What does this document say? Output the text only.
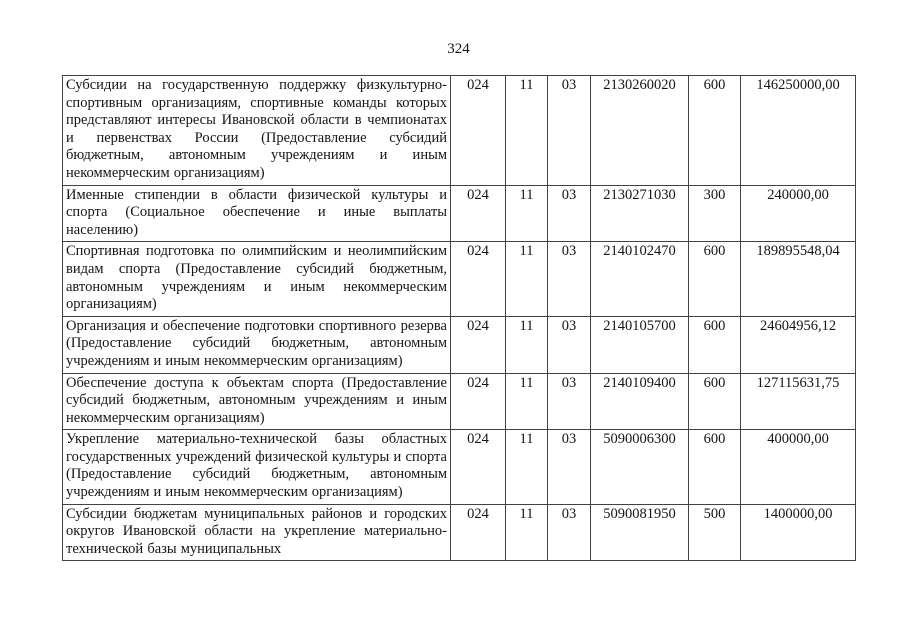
324
Субсидии на государственную поддержку физкультурно-спортивным организациям, спортивные команды которых представляют интересы Ивановской области в чемпионатах и первенствах России (Предоставление субсидий бюджетным, автономным учреждениям и иным некоммерческим организациям)	024	11	03	2130260020	600	146250000,00
Именные стипендии в области физической культуры и спорта (Социальное обеспечение и иные выплаты населению)	024	11	03	2130271030	300	240000,00
Спортивная подготовка по олимпийским и неолимпийским видам спорта (Предоставление субсидий бюджетным, автономным учреждениям и иным некоммерческим организациям)	024	11	03	2140102470	600	189895548,04
Организация и обеспечение подготовки спортивного резерва (Предоставление субсидий бюджетным, автономным учреждениям и иным некоммерческим организациям)	024	11	03	2140105700	600	24604956,12
Обеспечение доступа к объектам спорта (Предоставление субсидий бюджетным, автономным учреждениям и иным некоммерческим организациям)	024	11	03	2140109400	600	127115631,75
Укрепление материально-технической базы областных государственных учреждений физической культуры и спорта (Предоставление субсидий бюджетным, автономным учреждениям и иным некоммерческим организациям)	024	11	03	5090006300	600	400000,00
Субсидии бюджетам муниципальных районов и городских округов Ивановской области на укрепление материально-технической базы муниципальных	024	11	03	5090081950	500	1400000,00
